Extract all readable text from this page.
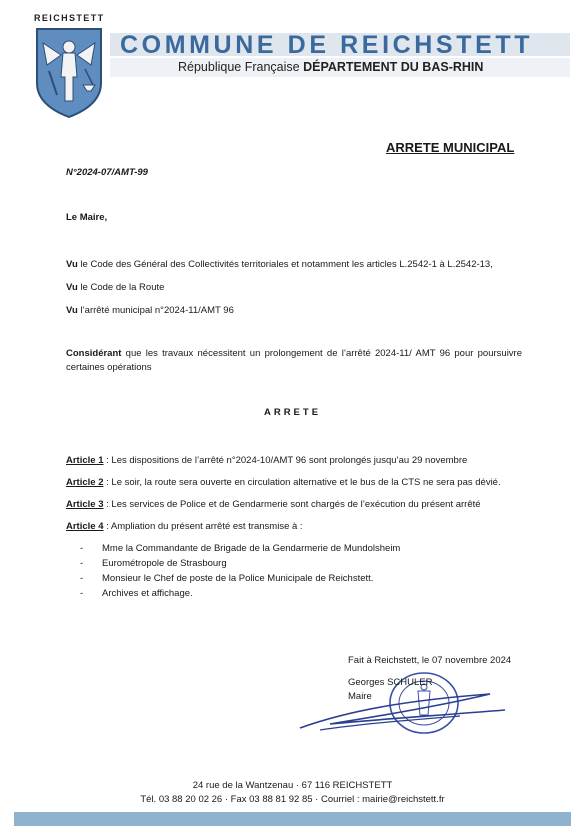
REICHSTETT
COMMUNE DE REICHSTETT
République Française DÉPARTEMENT DU BAS-RHIN
ARRETE MUNICIPAL
N°2024-07/AMT-99
Le Maire,
Vu le Code des Général des Collectivités territoriales et notamment les articles L.2542-1 à L.2542-13,
Vu le Code de la Route
Vu l’arrêté municipal n°2024-11/AMT 96
Considérant que les travaux nécessitent un prolongement de l’arrêté 2024-11/ AMT 96 pour poursuivre certaines opérations
ARRETE
Article 1 : Les dispositions de l’arrêté n°2024-10/AMT 96 sont prolongés jusqu’au 29 novembre
Article 2 : Le soir, la route sera ouverte en circulation alternative et le bus de la CTS ne sera pas dévié.
Article 3 : Les services de Police et de Gendarmerie sont chargés de l’exécution du présent arrêté
Article 4 : Ampliation du présent arrêté est transmise à :
- Mme la Commandante de Brigade de la Gendarmerie de Mundolsheim
- Eurométropole de Strasbourg
- Monsieur le Chef de poste de la Police Municipale de Reichstett.
- Archives et affichage.
Fait à Reichstett, le 07 novembre 2024
Georges SCHULER
Maire
24 rue de la Wantzenau · 67 116 REICHSTETT
Tél. 03 88 20 02 26 · Fax 03 88 81 92 85 · Courriel : mairie@reichstett.fr
